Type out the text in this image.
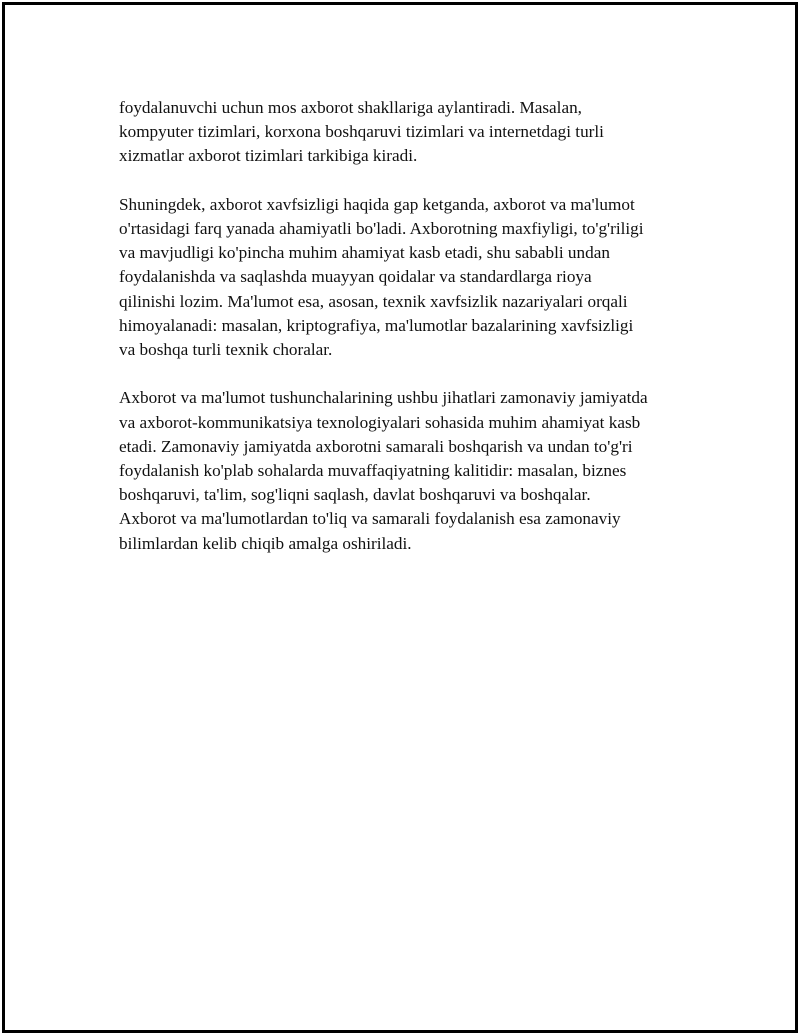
foydalanuvchi uchun mos axborot shakllariga aylantiradi. Masalan,
kompyuter tizimlari, korxona boshqaruvi tizimlari va internetdagi turli
xizmatlar axborot tizimlari tarkibiga kiradi.

Shuningdek, axborot xavfsizligi haqida gap ketganda, axborot va ma'lumot
o'rtasidagi farq yanada ahamiyatli bo'ladi. Axborotning maxfiyligi, to'g'riligi
va mavjudligi ko'pincha muhim ahamiyat kasb etadi, shu sababli undan
foydalanishda va saqlashda muayyan qoidalar va standardlarga rioya
qilinishi lozim. Ma'lumot esa, asosan, texnik xavfsizlik nazariyalari orqali
himoyalanadi: masalan, kriptografiya, ma'lumotlar bazalarining xavfsizligi
va boshqa turli texnik choralar.

Axborot va ma'lumot tushunchalarining ushbu jihatlari zamonaviy jamiyatda
va axborot-kommunikatsiya texnologiyalari sohasida muhim ahamiyat kasb
etadi. Zamonaviy jamiyatda axborotni samarali boshqarish va undan to'g'ri
foydalanish ko'plab sohalarda muvaffaqiyatning kalitidir: masalan, biznes
boshqaruvi, ta'lim, sog'liqni saqlash, davlat boshqaruvi va boshqalar.
Axborot va ma'lumotlardan to'liq va samarali foydalanish esa zamonaviy
bilimlardan kelib chiqib amalga oshiriladi.
